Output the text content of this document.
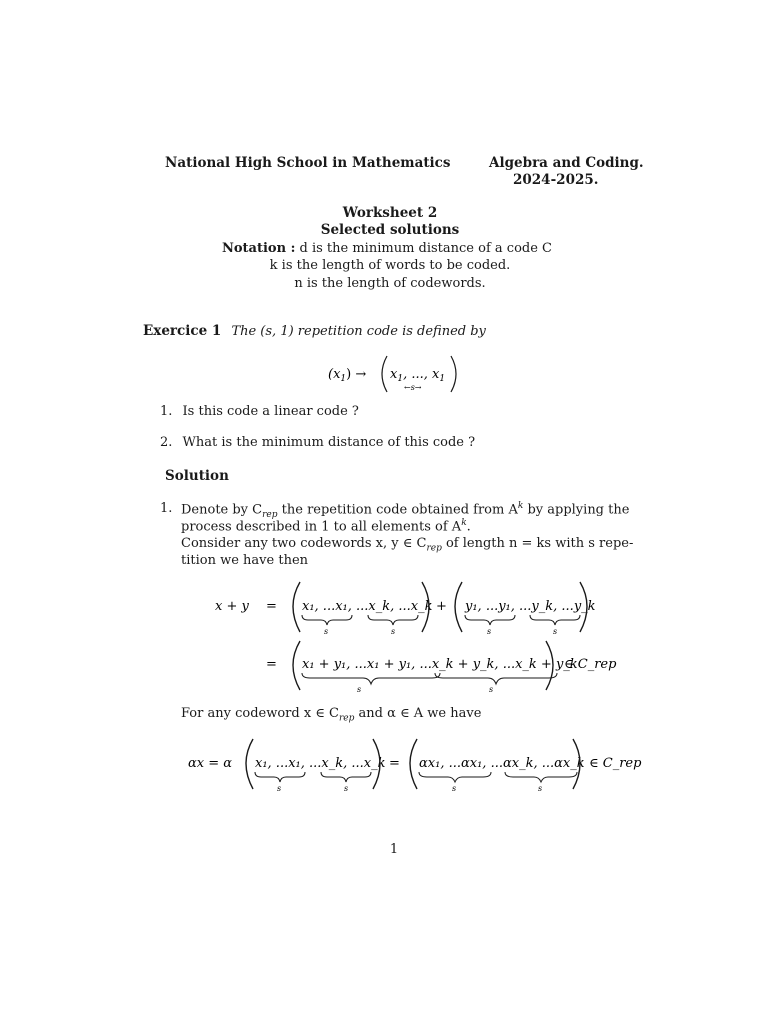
National High School in Mathematics	Algebra and Coding.
2024-2025.
Worksheet 2
Selected solutions
Notation : d is the minimum distance of a code C
k is the length of words to be coded.
n is the length of codewords.
Exercice 1 The (s, 1) repetition code is defined by
$(x_1) \to x_1$, ..., $x_1$
←s→
1. Is this code a linear code ?
2. What is the minimum distance of this code ?
Solution
1. Denote by $C_{rep}$ the repetition code obtained from $A^k$ by applying the
process described in 1 to all elements of $A^k$.
Consider any two codewords x, y ∈ $C_{rep}$ of length n = ks with s repe-
tition we have then
x + y = x₁, ...x₁, ...x_k, ...x_k
s	s
+ y₁, ...y₁, ...y_k, ...y_k
s	s
= x₁ + y₁, ...x₁ + y₁, ...x_k + y_k, ...x_k + y_k
s	s
∈ C_rep
For any codeword x ∈ $C_{rep}$ and α ∈ A we have
αx = α x₁, ...x₁, ...x_k, ...x_k
s	s
= αx₁, ...αx₁, ...αx_k, ...αx_k
s	s
∈ C_rep
1
